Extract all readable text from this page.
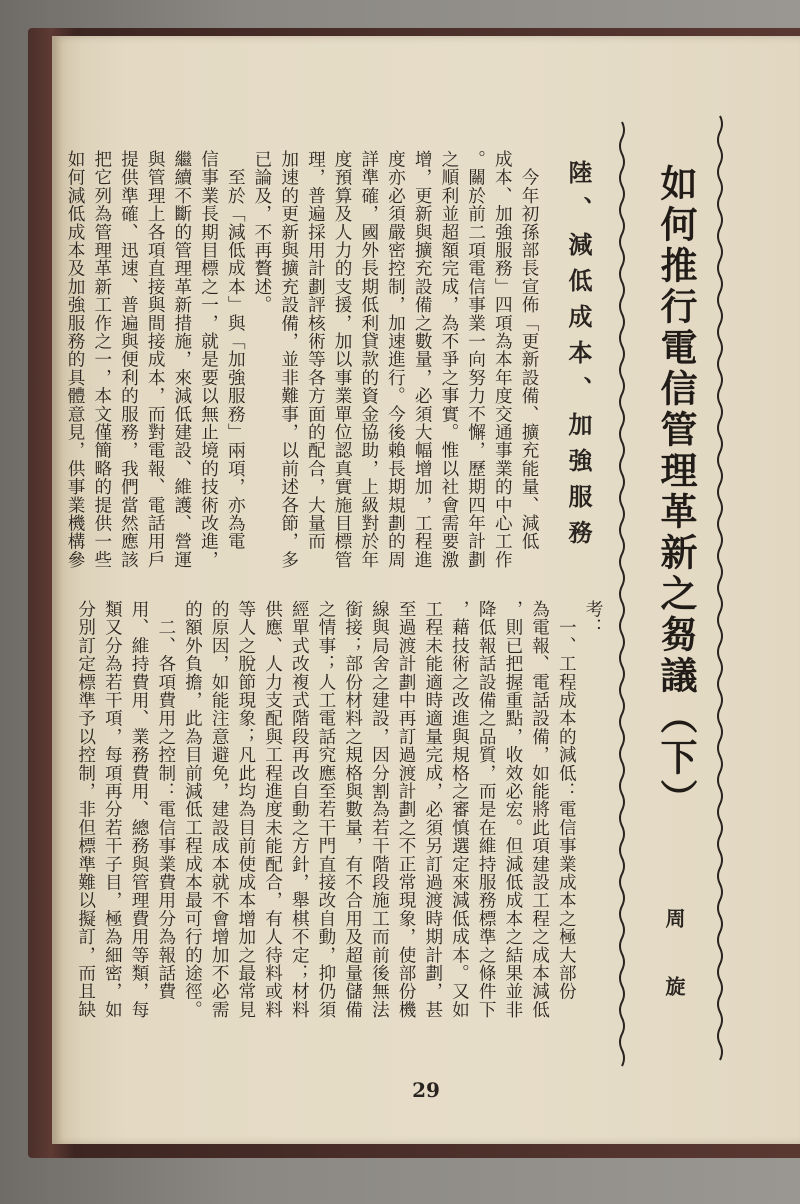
如何推行電信管理革新之芻議（下）
周　旋
陸、減低成本、加強服務
　今年初孫部長宣佈「更新設備、擴充能量、減低
成本、加強服務」四項為本年度交通事業的中心工作
。關於前二項電信事業一向努力不懈，歷期四年計劃
之順利並超額完成，為不爭之事實。惟以社會需要激
增，更新與擴充設備之數量，必須大幅增加，工程進
度亦必須嚴密控制，加速進行。今後賴長期規劃的周
詳準確，國外長期低利貸款的資金協助，上級對於年
度預算及人力的支援，加以事業單位認真實施目標管
理，普遍採用計劃評核術等各方面的配合，大量而
加速的更新與擴充設備，並非難事，以前述各節，多
已論及，不再贅述。
　至於「減低成本」與「加強服務」兩項，亦為電
信事業長期目標之一，就是要以無止境的技術改進，
繼續不斷的管理革新措施，來減低建設、維護、營運
與管理上各項直接與間接成本，而對電報、電話用戶
提供準確、迅速、普遍與便利的服務，我們當然應該
把它列為管理革新工作之一，本文僅簡略的提供一些
如何減低成本及加強服務的具體意見，供事業機構參
考：
　一、工程成本的減低：電信事業成本之極大部份
為電報、電話設備，如能將此項建設工程之成本減低
，則已把握重點，收效必宏。但減低成本之結果並非
降低報話設備之品質，而是在維持服務標準之條件下
，藉技術之改進與規格之審慎選定來減低成本。又如
工程未能適時適量完成，必須另訂過渡時期計劃，甚
至過渡計劃中再訂過渡計劃之不正常現象，使部份機
線與局舍之建設，因分割為若干階段施工而前後無法
銜接；部份材料之規格與數量，有不合用及超量儲備
之情事；人工電話究應至若干門直接改自動，抑仍須
經單式改複式階段再改自動之方針，舉棋不定；材料
供應、人力支配與工程進度未能配合，有人待料或料
等人之脫節現象；凡此均為目前使成本增加之最常見
的原因，如能注意避免，建設成本就不會增加不必需
的額外負擔，此為目前減低工程成本最可行的途徑。
　二、各項費用之控制：電信事業費用分為報話費
用、維持費用、業務費用、總務與管理費用等類，每
類又分為若干項，每項再分若干子目，極為細密，如
分別訂定標準予以控制，非但標準難以擬訂，而且缺
29
